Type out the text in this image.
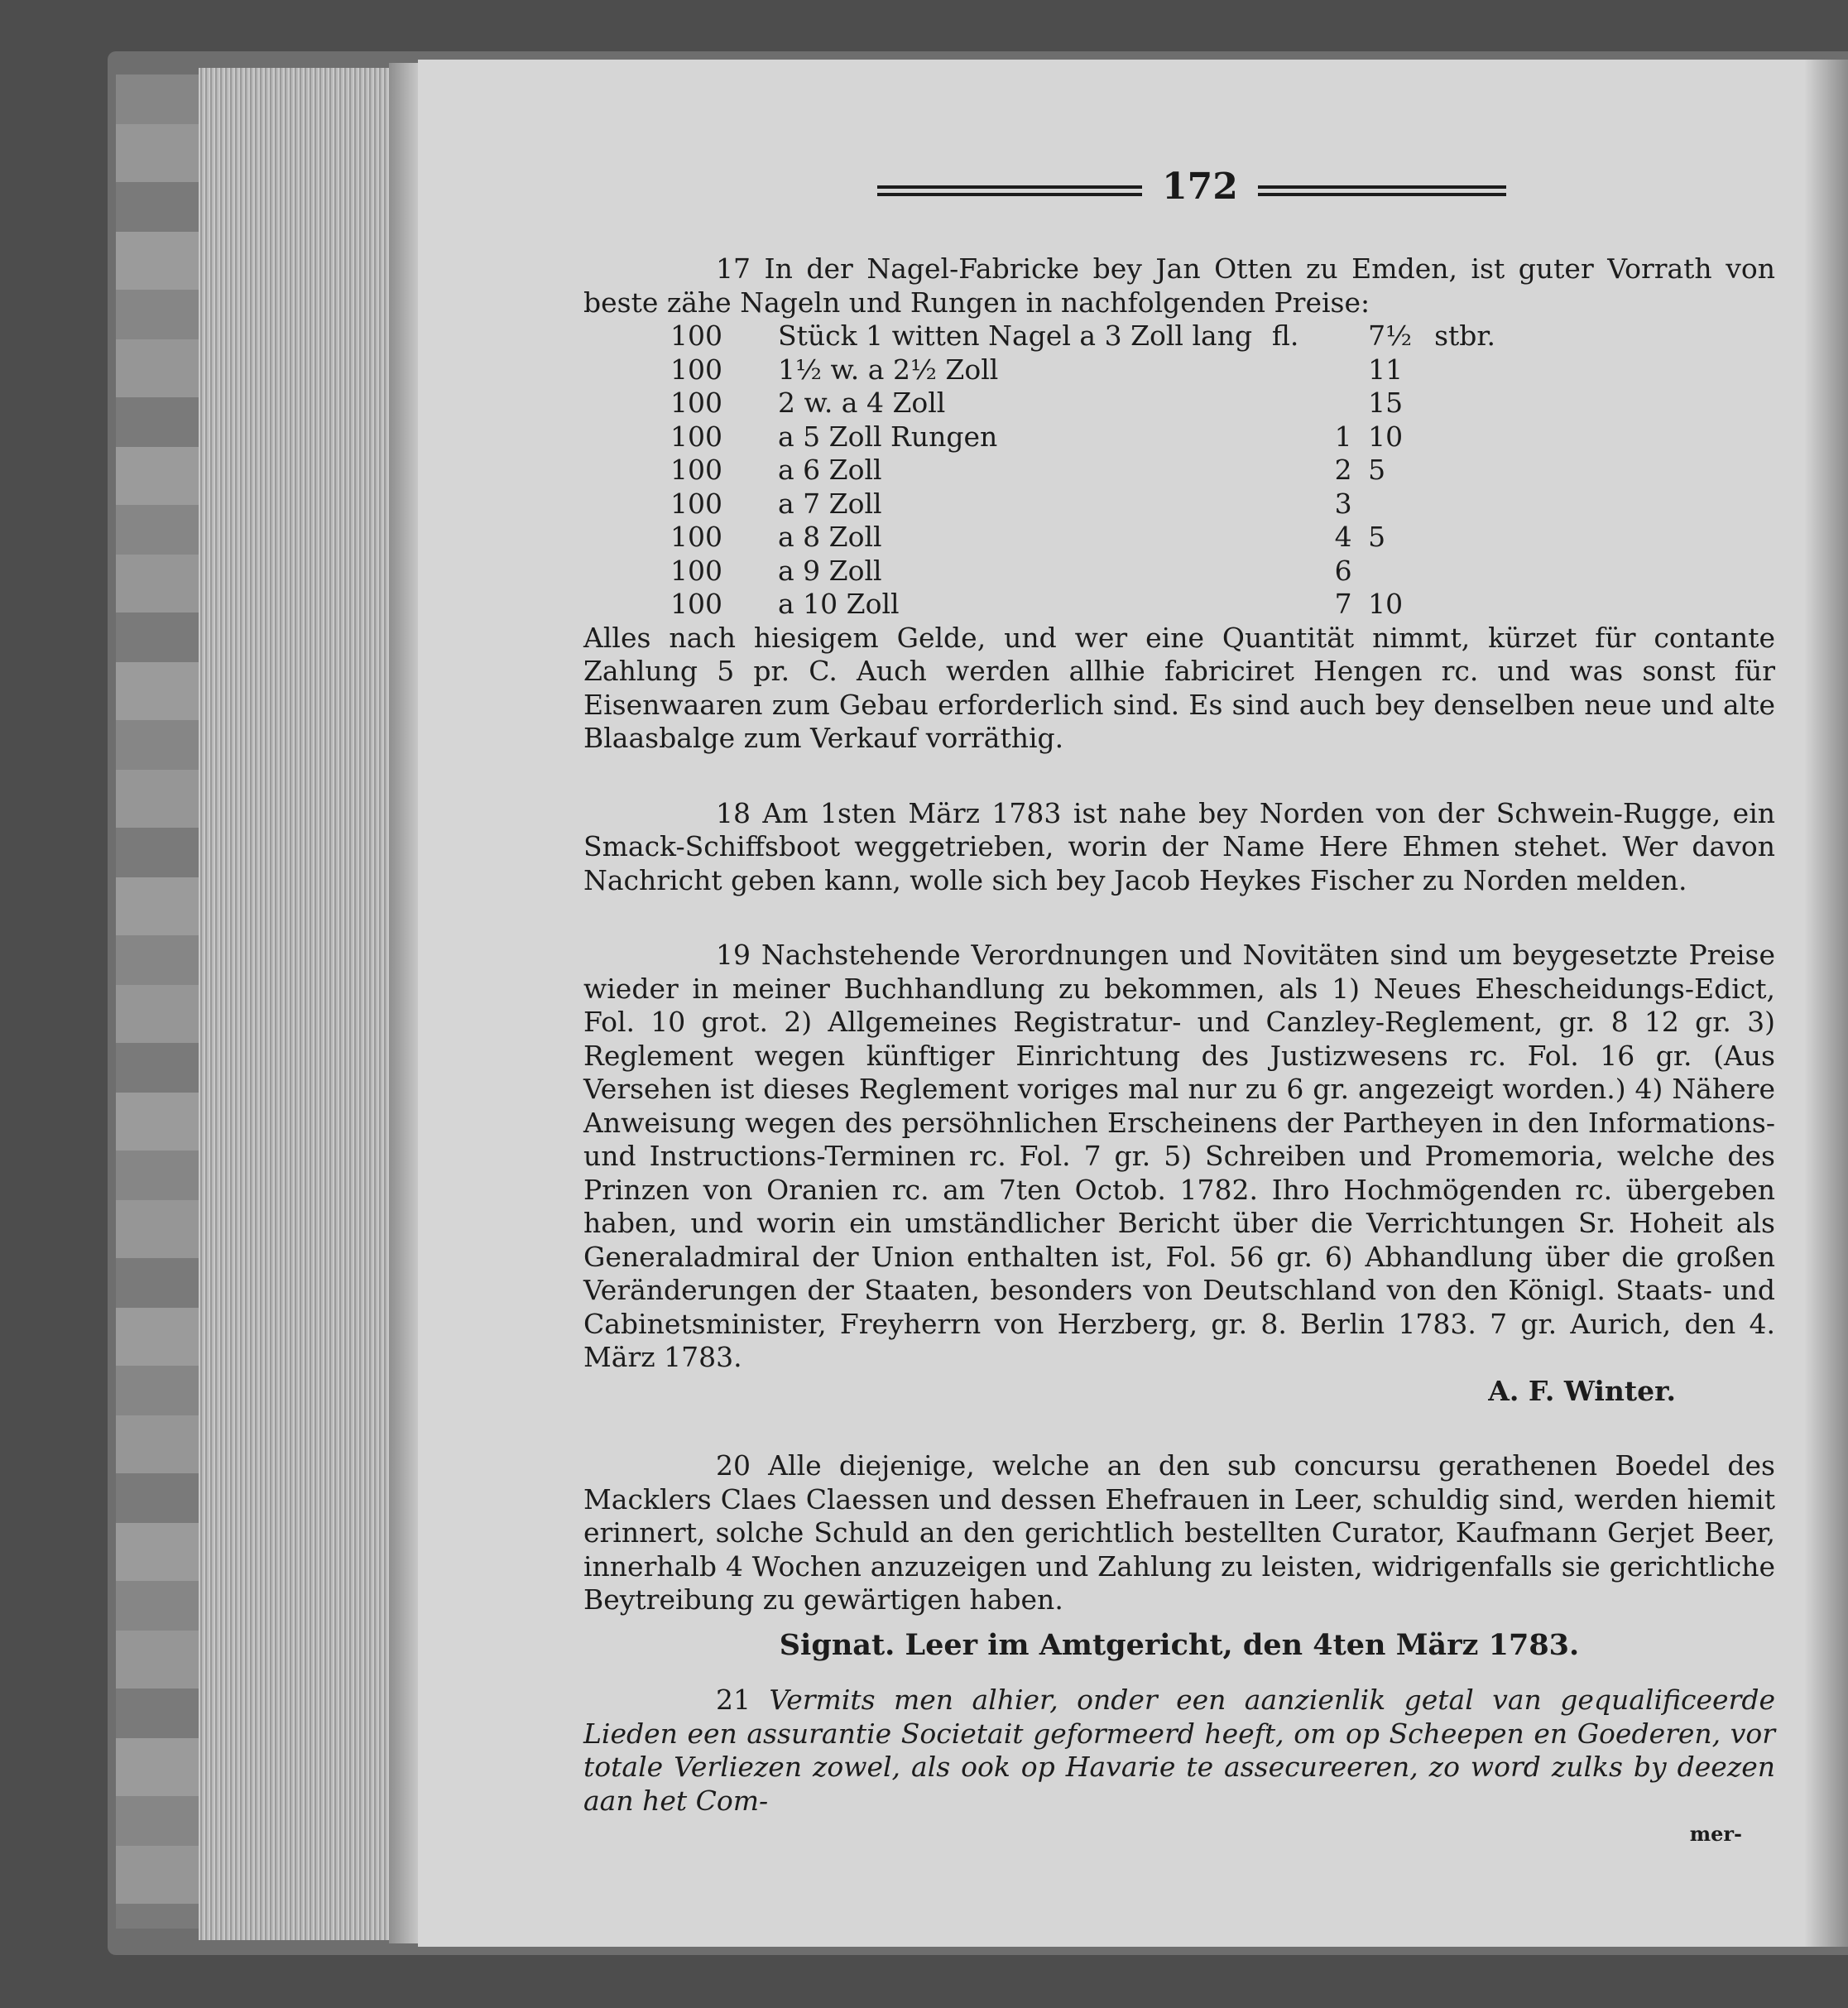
172

17 In der Nagel-Fabricke bey Jan Otten zu Emden, ist guter Vorrath von beste zähe Nageln und Rungen in nachfolgenden Preise:

100	Stück 1 witten Nagel a 3 Zoll lang	fl.		7½	stbr.
100	1½ w. a 2½ Zoll			11	
100	2 w. a 4 Zoll			15	
100	a 5 Zoll Rungen		1	10	
100	a 6 Zoll		2	5	
100	a 7 Zoll		3		
100	a 8 Zoll		4	5	
100	a 9 Zoll		6		
100	a 10 Zoll		7	10	

Alles nach hiesigem Gelde, und wer eine Quantität nimmt, kürzet für contante Zahlung 5 pr. C. Auch werden allhie fabriciret Hengen rc. und was sonst für Eisenwaaren zum Gebau erforderlich sind. Es sind auch bey denselben neue und alte Blaasbalge zum Verkauf vorräthig.

18 Am 1sten März 1783 ist nahe bey Norden von der Schwein-Rugge, ein Smack-Schiffsboot weggetrieben, worin der Name Here Ehmen stehet. Wer davon Nachricht geben kann, wolle sich bey Jacob Heykes Fischer zu Norden melden.

19 Nachstehende Verordnungen und Novitäten sind um beygesetzte Preise wieder in meiner Buchhandlung zu bekommen, als 1) Neues Ehescheidungs-Edict, Fol. 10 grot. 2) Allgemeines Registratur- und Canzley-Reglement, gr. 8 12 gr. 3) Reglement wegen künftiger Einrichtung des Justizwesens rc. Fol. 16 gr. (Aus Versehen ist dieses Reglement voriges mal nur zu 6 gr. angezeigt worden.) 4) Nähere Anweisung wegen des persöhnlichen Erscheinens der Partheyen in den Informations- und Instructions-Terminen rc. Fol. 7 gr. 5) Schreiben und Promemoria, welche des Prinzen von Oranien rc. am 7ten Octob. 1782. Ihro Hochmögenden rc. übergeben haben, und worin ein umständlicher Bericht über die Verrichtungen Sr. Hoheit als Generaladmiral der Union enthalten ist, Fol. 56 gr. 6) Abhandlung über die großen Veränderungen der Staaten, besonders von Deutschland von den Königl. Staats- und Cabinetsminister, Freyherrn von Herzberg, gr. 8. Berlin 1783. 7 gr. Aurich, den 4. März 1783.

A. F. Winter.

20 Alle diejenige, welche an den sub concursu gerathenen Boedel des Macklers Claes Claessen und dessen Ehefrauen in Leer, schuldig sind, werden hiemit erinnert, solche Schuld an den gerichtlich bestellten Curator, Kaufmann Gerjet Beer, innerhalb 4 Wochen anzuzeigen und Zahlung zu leisten, widrigenfalls sie gerichtliche Beytreibung zu gewärtigen haben.

Signat. Leer im Amtgericht, den 4ten März 1783.

21 Vermits men alhier, onder een aanzienlik getal van gequalificeerde Lieden een assurantie Societait geformeerd heeft, om op Scheepen en Goederen, vor totale Verliezen zowel, als ook op Havarie te assecureeren, zo word zulks by deezen aan het Com-

mer-
